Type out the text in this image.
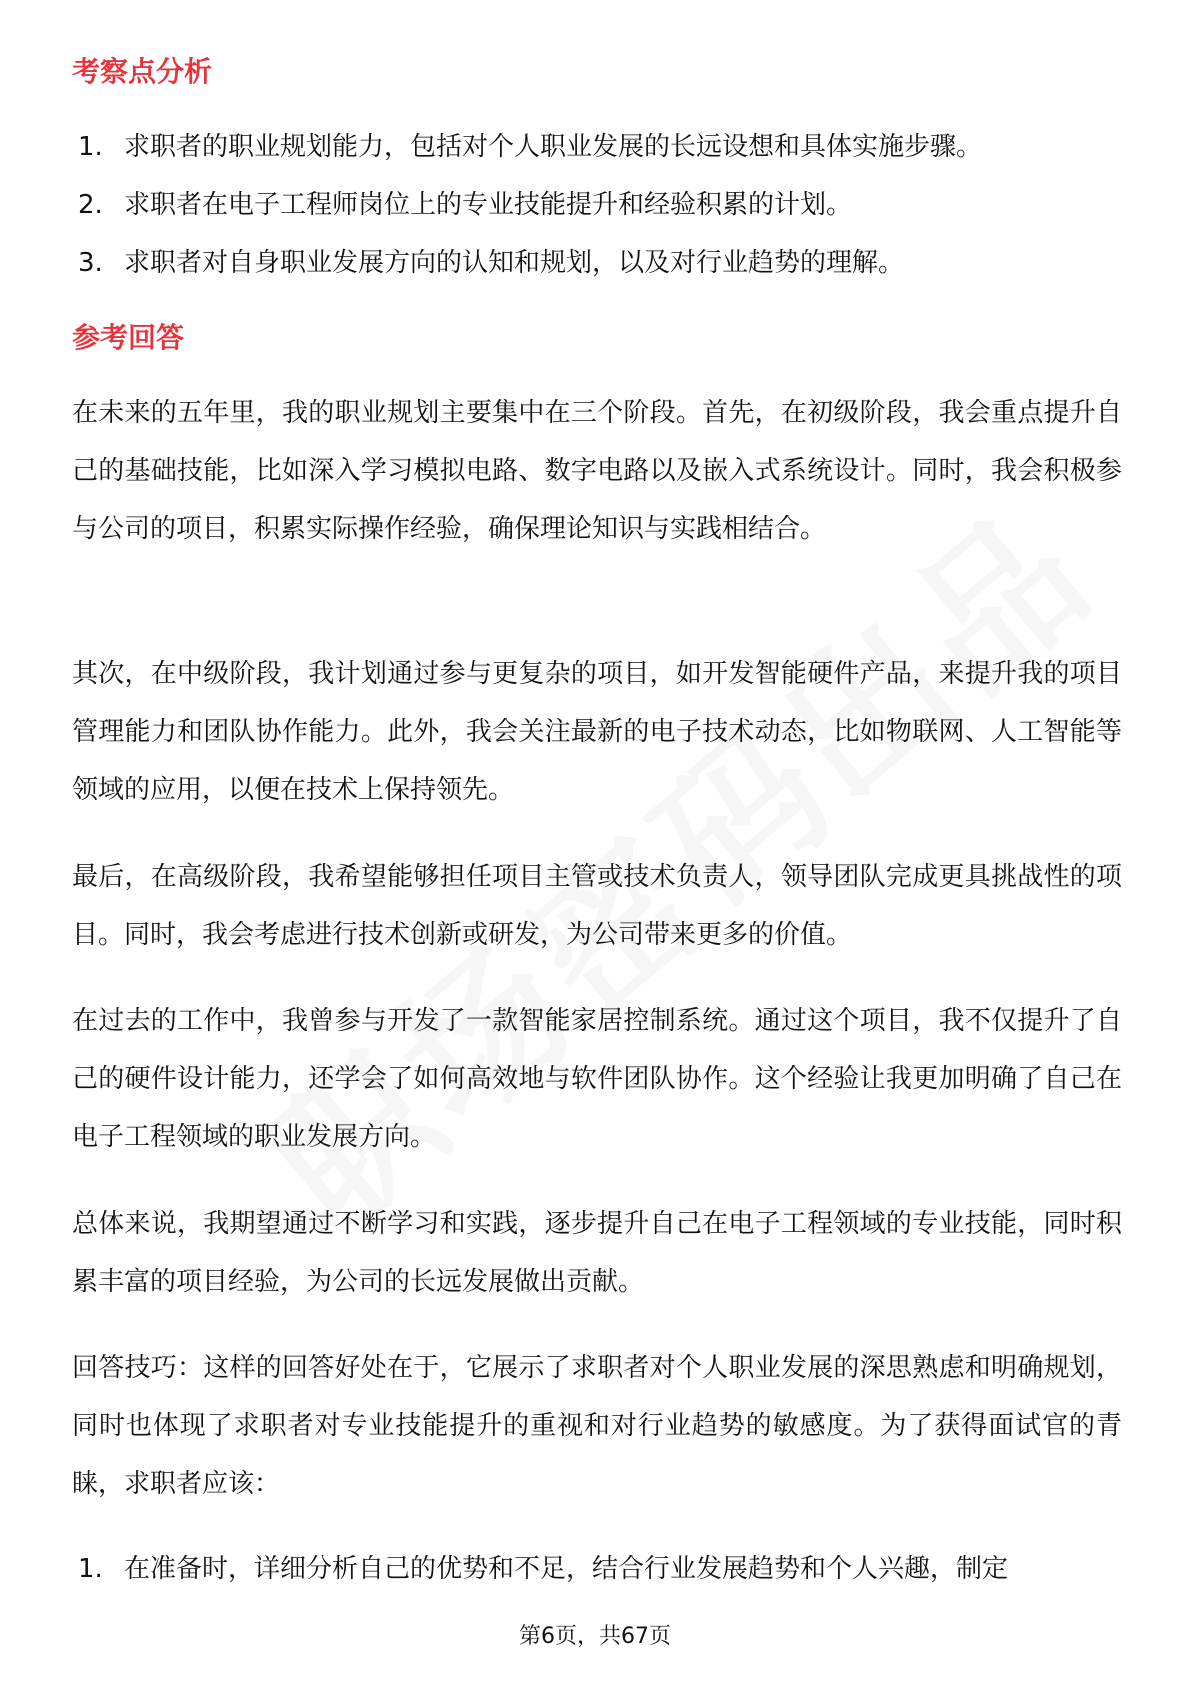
考察点分析
1. 求职者的职业规划能力，包括对个人职业发展的长远设想和具体实施步骤。
2. 求职者在电子工程师岗位上的专业技能提升和经验积累的计划。
3. 求职者对自身职业发展方向的认知和规划，以及对行业趋势的理解。
参考回答

在未来的五年里，我的职业规划主要集中在三个阶段。首先，在初级阶段，我会重点提升自己的基础技能，比如深入学习模拟电路、数字电路以及嵌入式系统设计。同时，我会积极参与公司的项目，积累实际操作经验，确保理论知识与实践相结合。

其次，在中级阶段，我计划通过参与更复杂的项目，如开发智能硬件产品，来提升我的项目管理能力和团队协作能力。此外，我会关注最新的电子技术动态，比如物联网、人工智能等领域的应用，以便在技术上保持领先。

最后，在高级阶段，我希望能够担任项目主管或技术负责人，领导团队完成更具挑战性的项目。同时，我会考虑进行技术创新或研发，为公司带来更多的价值。

在过去的工作中，我曾参与开发了一款智能家居控制系统。通过这个项目，我不仅提升了自己的硬件设计能力，还学会了如何高效地与软件团队协作。这个经验让我更加明确了自己在电子工程领域的职业发展方向。

总体来说，我期望通过不断学习和实践，逐步提升自己在电子工程领域的专业技能，同时积累丰富的项目经验，为公司的长远发展做出贡献。

回答技巧：这样的回答好处在于，它展示了求职者对个人职业发展的深思熟虑和明确规划，同时也体现了求职者对专业技能提升的重视和对行业趋势的敏感度。为了获得面试官的青睐，求职者应该：

1. 在准备时，详细分析自己的优势和不足，结合行业发展趋势和个人兴趣，制定
第6页，共67页
